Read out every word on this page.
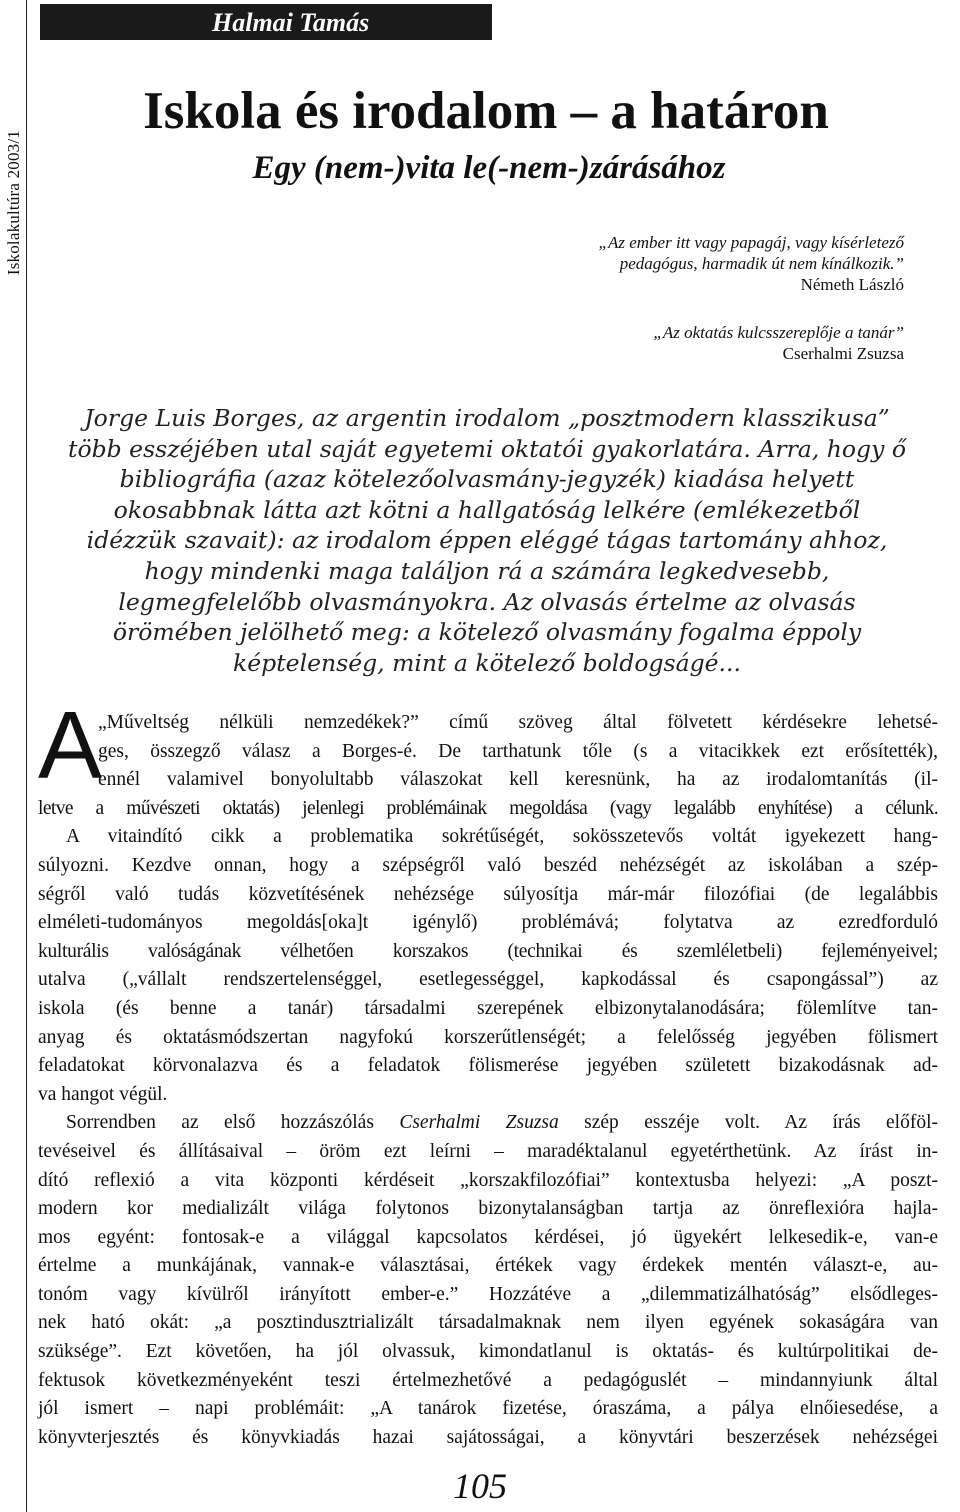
Iskolakultúra 2003/1
Halmai Tamás
Iskola és irodalom – a határon
Egy (nem-)vita le(-nem-)zárásához
„Az ember itt vagy papagáj, vagy kísérletező
pedagógus, harmadik út nem kínálkozik.”
Németh László
„Az oktatás kulcsszereplője a tanár”
Cserhalmi Zsuzsa
Jorge Luis Borges, az argentin irodalom „posztmodern klasszikusa”
több esszéjében utal saját egyetemi oktatói gyakorlatára. Arra, hogy ő
bibliográfia (azaz kötelezőolvasmány-jegyzék) kiadása helyett
okosabbnak látta azt kötni a hallgatóság lelkére (emlékezetből
idézzük szavait): az irodalom éppen eléggé tágas tartomány ahhoz,
hogy mindenki maga találjon rá a számára legkedvesebb,
legmegfelelőbb olvasmányokra. Az olvasás értelme az olvasás
örömében jelölhető meg: a kötelező olvasmány fogalma éppoly
képtelenség, mint a kötelező boldogságé...
A
„Műveltség nélküli nemzedékek?” című szöveg által fölvetett kérdésekre lehetsé-
ges, összegző válasz a Borges-é. De tarthatunk tőle (s a vitacikkek ezt erősítették),
ennél valamivel bonyolultabb válaszokat kell keresnünk, ha az irodalomtanítás (il-
letve a művészeti oktatás) jelenlegi problémáinak megoldása (vagy legalább enyhítése) a célunk.
A vitaindító cikk a problematika sokrétűségét, sokösszetevős voltát igyekezett hang-
súlyozni. Kezdve onnan, hogy a szépségről való beszéd nehézségét az iskolában a szép-
ségről való tudás közvetítésének nehézsége súlyosítja már-már filozófiai (de legalábbis
elméleti-tudományos megoldás[oka]t igénylő) problémává; folytatva az ezredforduló
kulturális valóságának vélhetően korszakos (technikai és szemléletbeli) fejleményeivel;
utalva („vállalt rendszertelenséggel, esetlegességgel, kapkodással és csapongással”) az
iskola (és benne a tanár) társadalmi szerepének elbizonytalanodására; fölemlítve tan-
anyag és oktatásmódszertan nagyfokú korszerűtlenségét; a felelősség jegyében fölismert
feladatokat körvonalazva és a feladatok fölismerése jegyében született bizakodásnak ad-
va hangot végül.
Sorrendben az első hozzászólás Cserhalmi Zsuzsa szép esszéje volt. Az írás előföl-
tevéseivel és állításaival – öröm ezt leírni – maradéktalanul egyetérthetünk. Az írást in-
dító reflexió a vita központi kérdéseit „korszakfilozófiai” kontextusba helyezi: „A poszt-
modern kor medializált világa folytonos bizonytalanságban tartja az önreflexióra hajla-
mos egyént: fontosak-e a világgal kapcsolatos kérdései, jó ügyekért lelkesedik-e, van-e
értelme a munkájának, vannak-e választásai, értékek vagy érdekek mentén választ-e, au-
tonóm vagy kívülről irányított ember-e.” Hozzátéve a „dilemmatizálhatóság” elsődleges-
nek ható okát: „a posztindusztrializált társadalmaknak nem ilyen egyének sokaságára van
szüksége”. Ezt követően, ha jól olvassuk, kimondatlanul is oktatás- és kultúrpolitikai de-
fektusok következményeként teszi értelmezhetővé a pedagóguslét – mindannyiunk által
jól ismert – napi problémáit: „A tanárok fizetése, óraszáma, a pálya elnőiesedése, a
könyvterjesztés és könyvkiadás hazai sajátosságai, a könyvtári beszerzések nehézségei
105
